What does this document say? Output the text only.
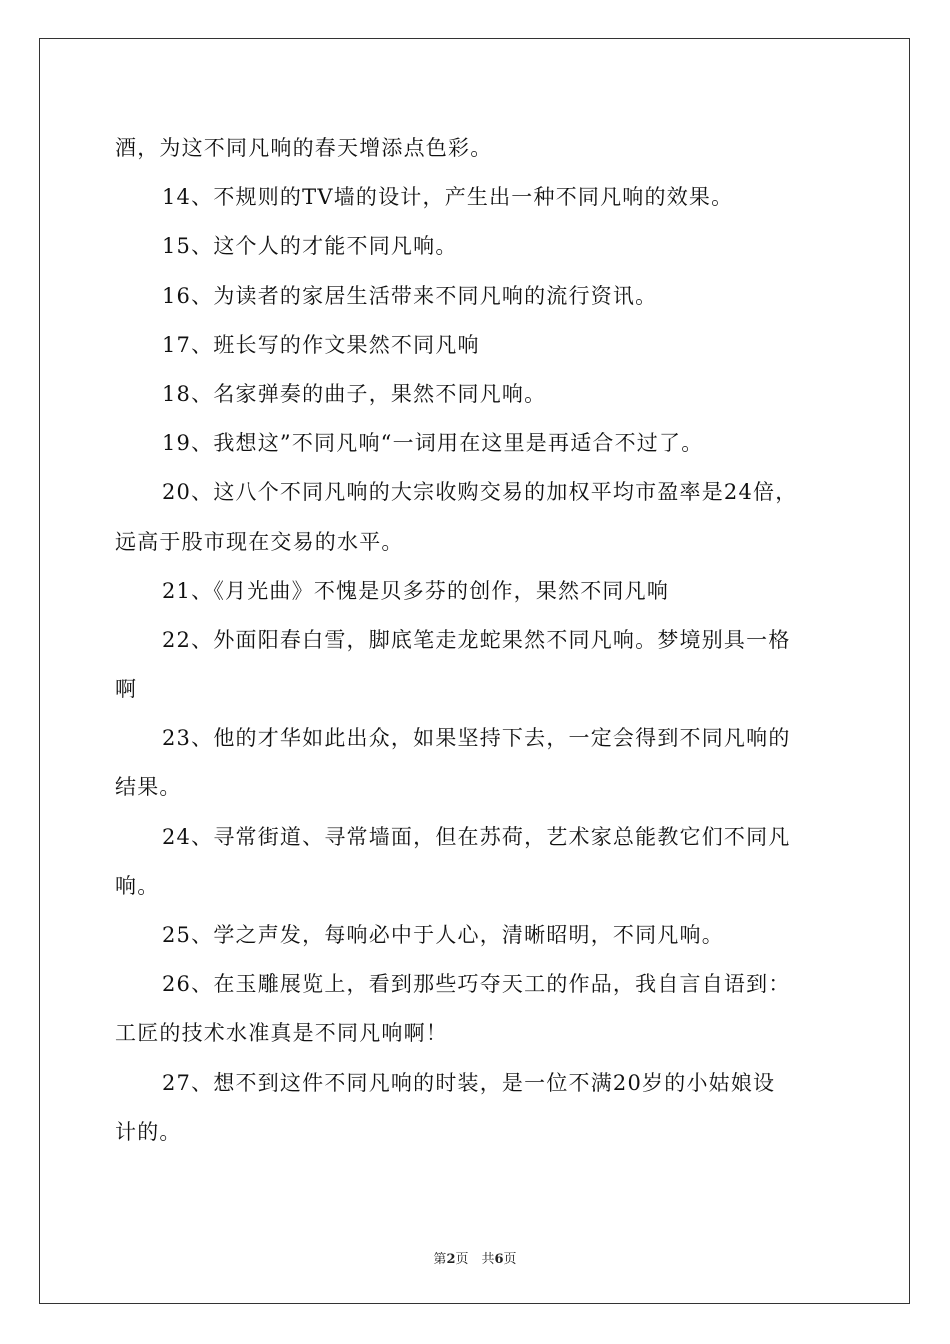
酒，为这不同凡响的春天增添点色彩。
14、不规则的TV墙的设计，产生出一种不同凡响的效果。
15、这个人的才能不同凡响。
16、为读者的家居生活带来不同凡响的流行资讯。
17、班长写的作文果然不同凡响
18、名家弹奏的曲子，果然不同凡响。
19、我想这”不同凡响“一词用在这里是再适合不过了。
20、这八个不同凡响的大宗收购交易的加权平均市盈率是24倍，
远高于股市现在交易的水平。
21、《月光曲》不愧是贝多芬的创作，果然不同凡响
22、外面阳春白雪，脚底笔走龙蛇果然不同凡响。梦境别具一格
啊
23、他的才华如此出众，如果坚持下去，一定会得到不同凡响的
结果。
24、寻常街道、寻常墙面，但在苏荷，艺术家总能教它们不同凡
响。
25、学之声发，每响必中于人心，清晰昭明，不同凡响。
26、在玉雕展览上，看到那些巧夺天工的作品，我自言自语到：
工匠的技术水准真是不同凡响啊！
27、想不到这件不同凡响的时装，是一位不满20岁的小姑娘设
计的。
第2页　共6页
